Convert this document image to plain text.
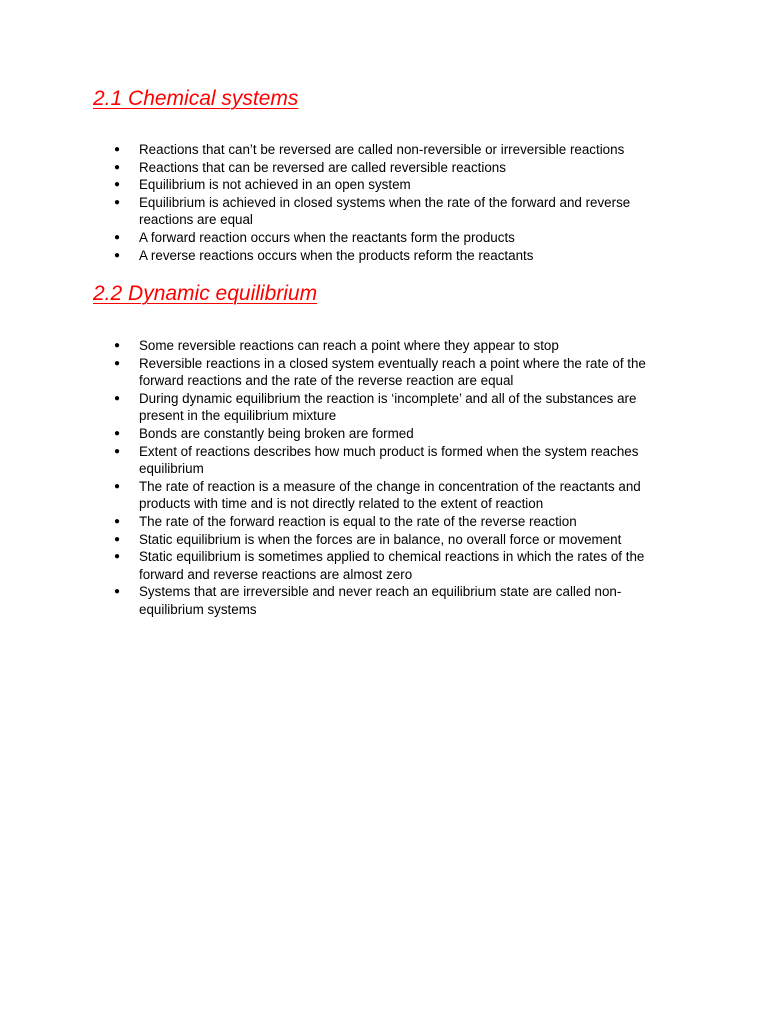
2.1 Chemical systems
● Reactions that can’t be reversed are called non-reversible or irreversible reactions
● Reactions that can be reversed are called reversible reactions
● Equilibrium is not achieved in an open system
● Equilibrium is achieved in closed systems when the rate of the forward and reverse reactions are equal
● A forward reaction occurs when the reactants form the products
● A reverse reactions occurs when the products reform the reactants
2.2 Dynamic equilibrium
● Some reversible reactions can reach a point where they appear to stop
● Reversible reactions in a closed system eventually reach a point where the rate of the forward reactions and the rate of the reverse reaction are equal
● During dynamic equilibrium the reaction is ‘incomplete’ and all of the substances are present in the equilibrium mixture
● Bonds are constantly being broken are formed
● Extent of reactions describes how much product is formed when the system reaches equilibrium
● The rate of reaction is a measure of the change in concentration of the reactants and products with time and is not directly related to the extent of reaction
● The rate of the forward reaction is equal to the rate of the reverse reaction
● Static equilibrium is when the forces are in balance, no overall force or movement
● Static equilibrium is sometimes applied to chemical reactions in which the rates of the forward and reverse reactions are almost zero
● Systems that are irreversible and never reach an equilibrium state are called non-equilibrium systems
